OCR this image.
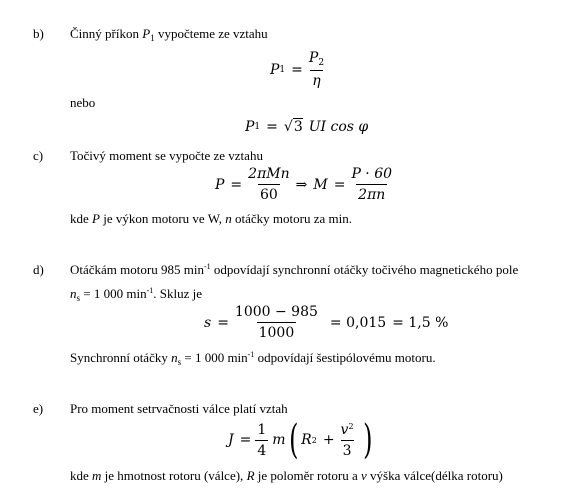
b) Činný příkon $P_1$ vypočteme ze vztahu
P $1 = \frac{P_2}{\eta}$
nebo
P 1 =
√ 3 UI cos φ
c) Točivý moment se vypočte ze vztahu
$P = \frac{\text{2πMn}}{60}$ ⇒ $M = \frac{P \cdot 60}{2\pi n}$
kde P je výkon motoru ve W, n otáčky motoru za min.
d) Otáčkám motoru 985 $\min^{-1}$ odpovídají synchronní otáčky točivého magnetického pole
$n_s = 1$ 000 $\min^{-1}$. Skluz je
$s = \frac{1000 - 985}{1000} = 0,015 = 1,5$ %
Synchronní otáčky $n_s = 1$ 000 $\min^{-1}$ odpovídají šestipólovému motoru.
e) Pro moment setrvačnosti válce platí vztah
$J = \frac{1}{4}$ m ( R $2 + \frac{v^2}{3}$ )
kde m je hmotnost rotoru (válce), R je poloměr rotoru a v výška válce(délka rotoru)
